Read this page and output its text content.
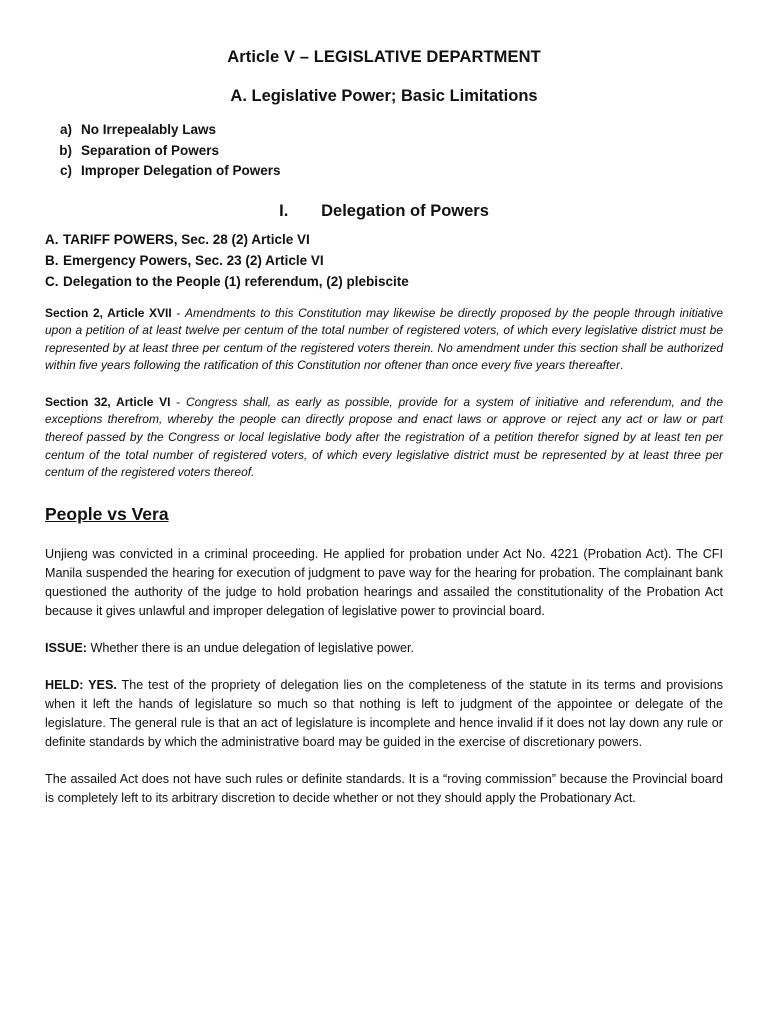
Article V – LEGISLATIVE DEPARTMENT
A. Legislative Power; Basic Limitations
a) No Irrepealably Laws
b) Separation of Powers
c) Improper Delegation of Powers
I.	Delegation of Powers
A. TARIFF POWERS, Sec. 28 (2) Article VI
B. Emergency Powers, Sec. 23 (2) Article VI
C. Delegation to the People (1) referendum, (2) plebiscite

Section 2, Article XVII - Amendments to this Constitution may likewise be directly proposed by the people through initiative upon a petition of at least twelve per centum of the total number of registered voters, of which every legislative district must be represented by at least three per centum of the registered voters therein. No amendment under this section shall be authorized within five years following the ratification of this Constitution nor oftener than once every five years thereafter.

Section 32, Article VI - Congress shall, as early as possible, provide for a system of initiative and referendum, and the exceptions therefrom, whereby the people can directly propose and enact laws or approve or reject any act or law or part thereof passed by the Congress or local legislative body after the registration of a petition therefor signed by at least ten per centum of the total number of registered voters, of which every legislative district must be represented by at least three per centum of the registered voters thereof.

People vs Vera

Unjieng was convicted in a criminal proceeding. He applied for probation under Act No. 4221 (Probation Act). The CFI Manila suspended the hearing for execution of judgment to pave way for the hearing for probation. The complainant bank questioned the authority of the judge to hold probation hearings and assailed the constitutionality of the Probation Act because it gives unlawful and improper delegation of legislative power to provincial board.

ISSUE: Whether there is an undue delegation of legislative power.

HELD: YES. The test of the propriety of delegation lies on the completeness of the statute in its terms and provisions when it left the hands of legislature so much so that nothing is left to judgment of the appointee or delegate of the legislature. The general rule is that an act of legislature is incomplete and hence invalid if it does not lay down any rule or definite standards by which the administrative board may be guided in the exercise of discretionary powers.

The assailed Act does not have such rules or definite standards. It is a “roving commission” because the Provincial board is completely left to its arbitrary discretion to decide whether or not they should apply the Probationary Act.
